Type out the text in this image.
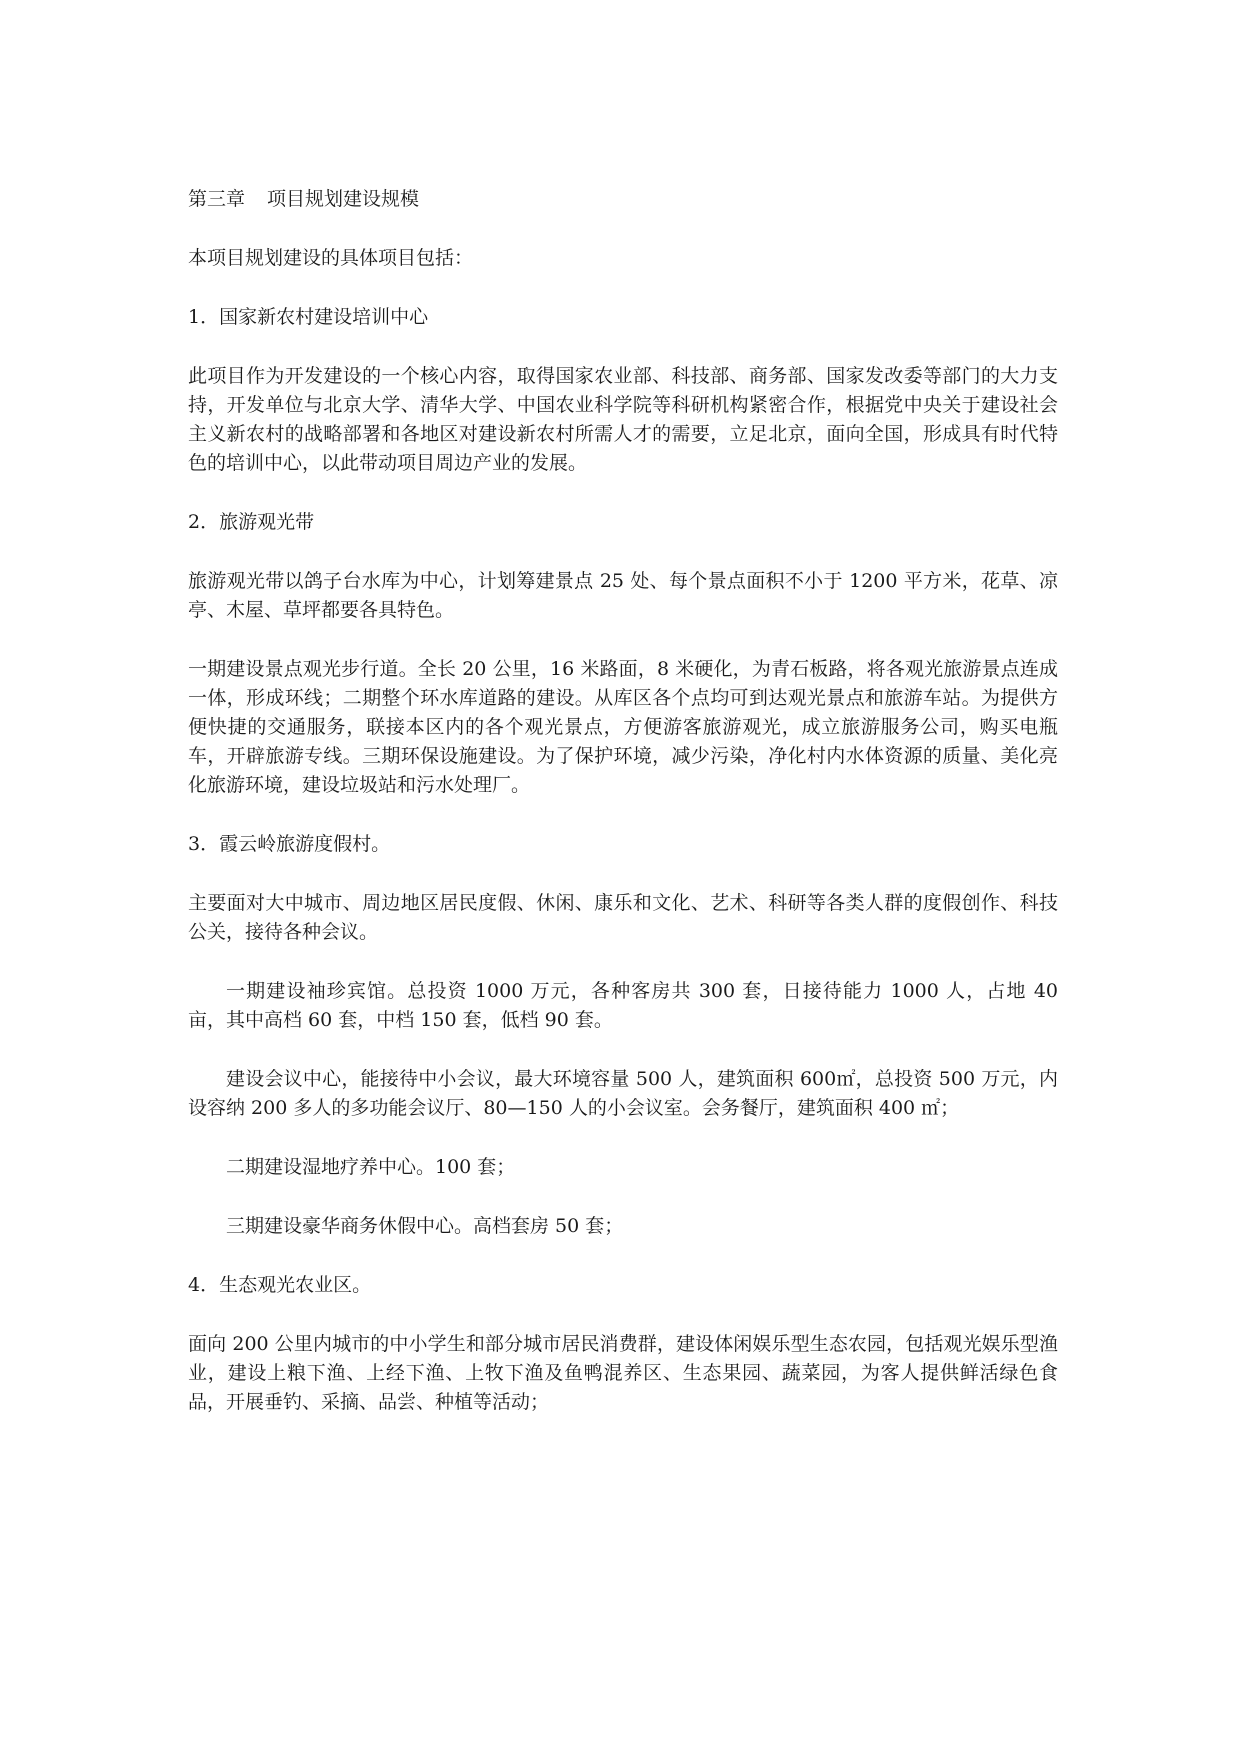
第三章 项目规划建设规模

本项目规划建设的具体项目包括：

1．国家新农村建设培训中心

此项目作为开发建设的一个核心内容，取得国家农业部、科技部、商务部、国家发改委等部门的大力支持，开发单位与北京大学、清华大学、中国农业科学院等科研机构紧密合作，根据党中央关于建设社会主义新农村的战略部署和各地区对建设新农村所需人才的需要，立足北京，面向全国，形成具有时代特色的培训中心，以此带动项目周边产业的发展。

2．旅游观光带

旅游观光带以鸽子台水库为中心，计划筹建景点 25 处、每个景点面积不小于 1200 平方米，花草、凉亭、木屋、草坪都要各具特色。

一期建设景点观光步行道。全长 20 公里，16 米路面，8 米硬化，为青石板路，将各观光旅游景点连成一体，形成环线；二期整个环水库道路的建设。从库区各个点均可到达观光景点和旅游车站。为提供方便快捷的交通服务，联接本区内的各个观光景点，方便游客旅游观光，成立旅游服务公司，购买电瓶车，开辟旅游专线。三期环保设施建设。为了保护环境，减少污染，净化村内水体资源的质量、美化亮化旅游环境，建设垃圾站和污水处理厂。

3．霞云岭旅游度假村。

主要面对大中城市、周边地区居民度假、休闲、康乐和文化、艺术、科研等各类人群的度假创作、科技公关，接待各种会议。

一期建设袖珍宾馆。总投资 1000 万元，各种客房共 300 套，日接待能力 1000 人，占地 40 亩，其中高档 60 套，中档 150 套，低档 90 套。

建设会议中心，能接待中小会议，最大环境容量 500 人，建筑面积 600㎡，总投资 500 万元，内设容纳 200 多人的多功能会议厅、80—150 人的小会议室。会务餐厅，建筑面积 400 ㎡；

二期建设湿地疗养中心。100 套；

三期建设豪华商务休假中心。高档套房 50 套；

4．生态观光农业区。

面向 200 公里内城市的中小学生和部分城市居民消费群，建设体闲娱乐型生态农园，包括观光娱乐型渔业，建设上粮下渔、上经下渔、上牧下渔及鱼鸭混养区、生态果园、蔬菜园，为客人提供鲜活绿色食品，开展垂钓、采摘、品尝、种植等活动；
